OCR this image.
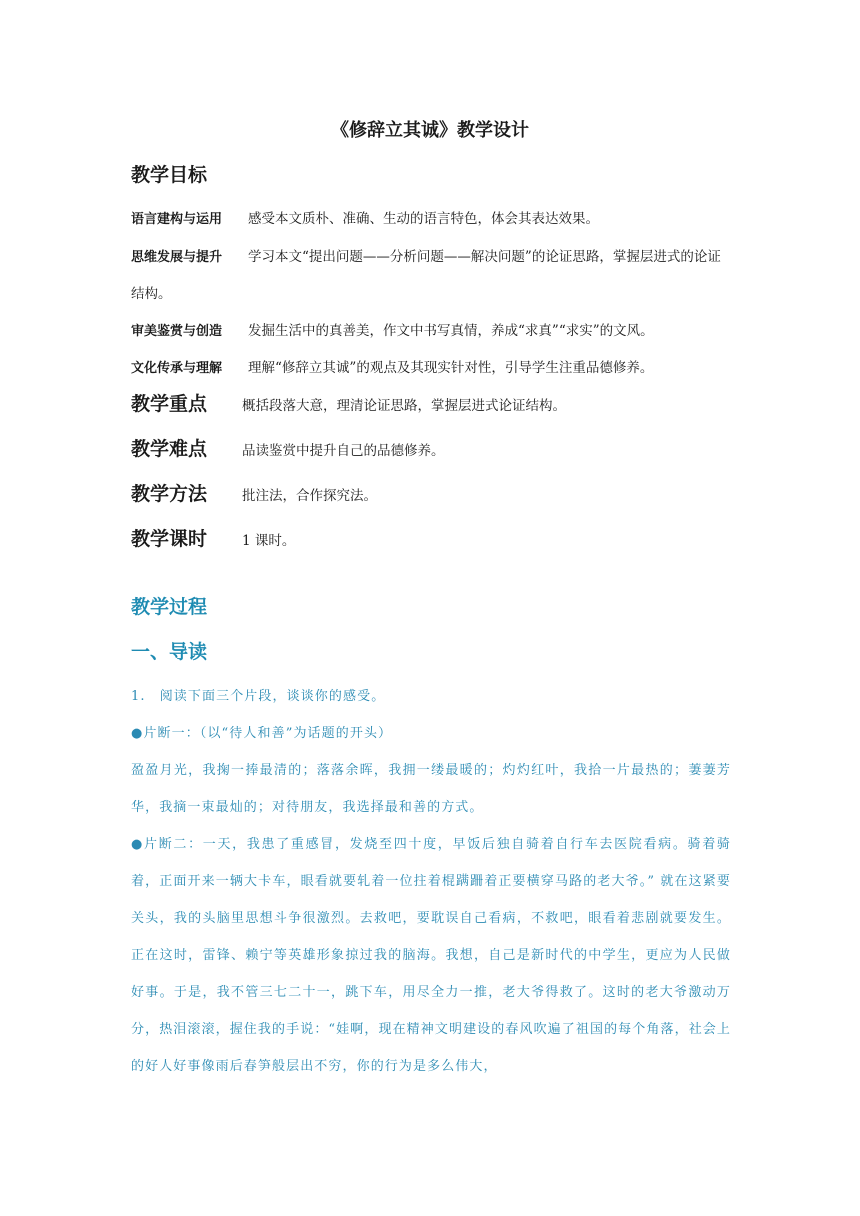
《修辞立其诚》教学设计
教学目标
语言建构与运用 感受本文质朴、准确、生动的语言特色，体会其表达效果。
思维发展与提升 学习本文“提出问题——分析问题——解决问题”的论证思路，掌握层进式的论证结构。
审美鉴赏与创造 发掘生活中的真善美，作文中书写真情，养成“求真”“求实”的文风。
文化传承与理解 理解“修辞立其诚”的观点及其现实针对性，引导学生注重品德修养。
教学重点	概括段落大意，理清论证思路，掌握层进式论证结构。
教学难点	品读鉴赏中提升自己的品德修养。
教学方法	批注法，合作探究法。
教学课时	1 课时。
教学过程
一、导读
1.　阅读下面三个片段，谈谈你的感受。
●片断一：（以“待人和善”为话题的开头）
盈盈月光，我掬一捧最清的；落落余晖，我拥一缕最暖的；灼灼红叶，我拾一片最热的；萋萋芳华，我摘一束最灿的；对待朋友，我选择最和善的方式。
●片断二：一天，我患了重感冒，发烧至四十度，早饭后独自骑着自行车去医院看病。骑着骑着，正面开来一辆大卡车，眼看就要轧着一位拄着棍蹒跚着正要横穿马路的老大爷。” 就在这紧要关头，我的头脑里思想斗争很激烈。去救吧，要耽误自己看病，不救吧，眼看着悲剧就要发生。正在这时，雷锋、赖宁等英雄形象掠过我的脑海。我想，自己是新时代的中学生，更应为人民做好事。于是，我不管三七二十一，跳下车，用尽全力一推，老大爷得救了。这时的老大爷激动万分，热泪滚滚，握住我的手说：“娃啊，现在精神文明建设的春风吹遍了祖国的每个角落，社会上的好人好事像雨后春笋般层出不穷，你的行为是多么伟大，
